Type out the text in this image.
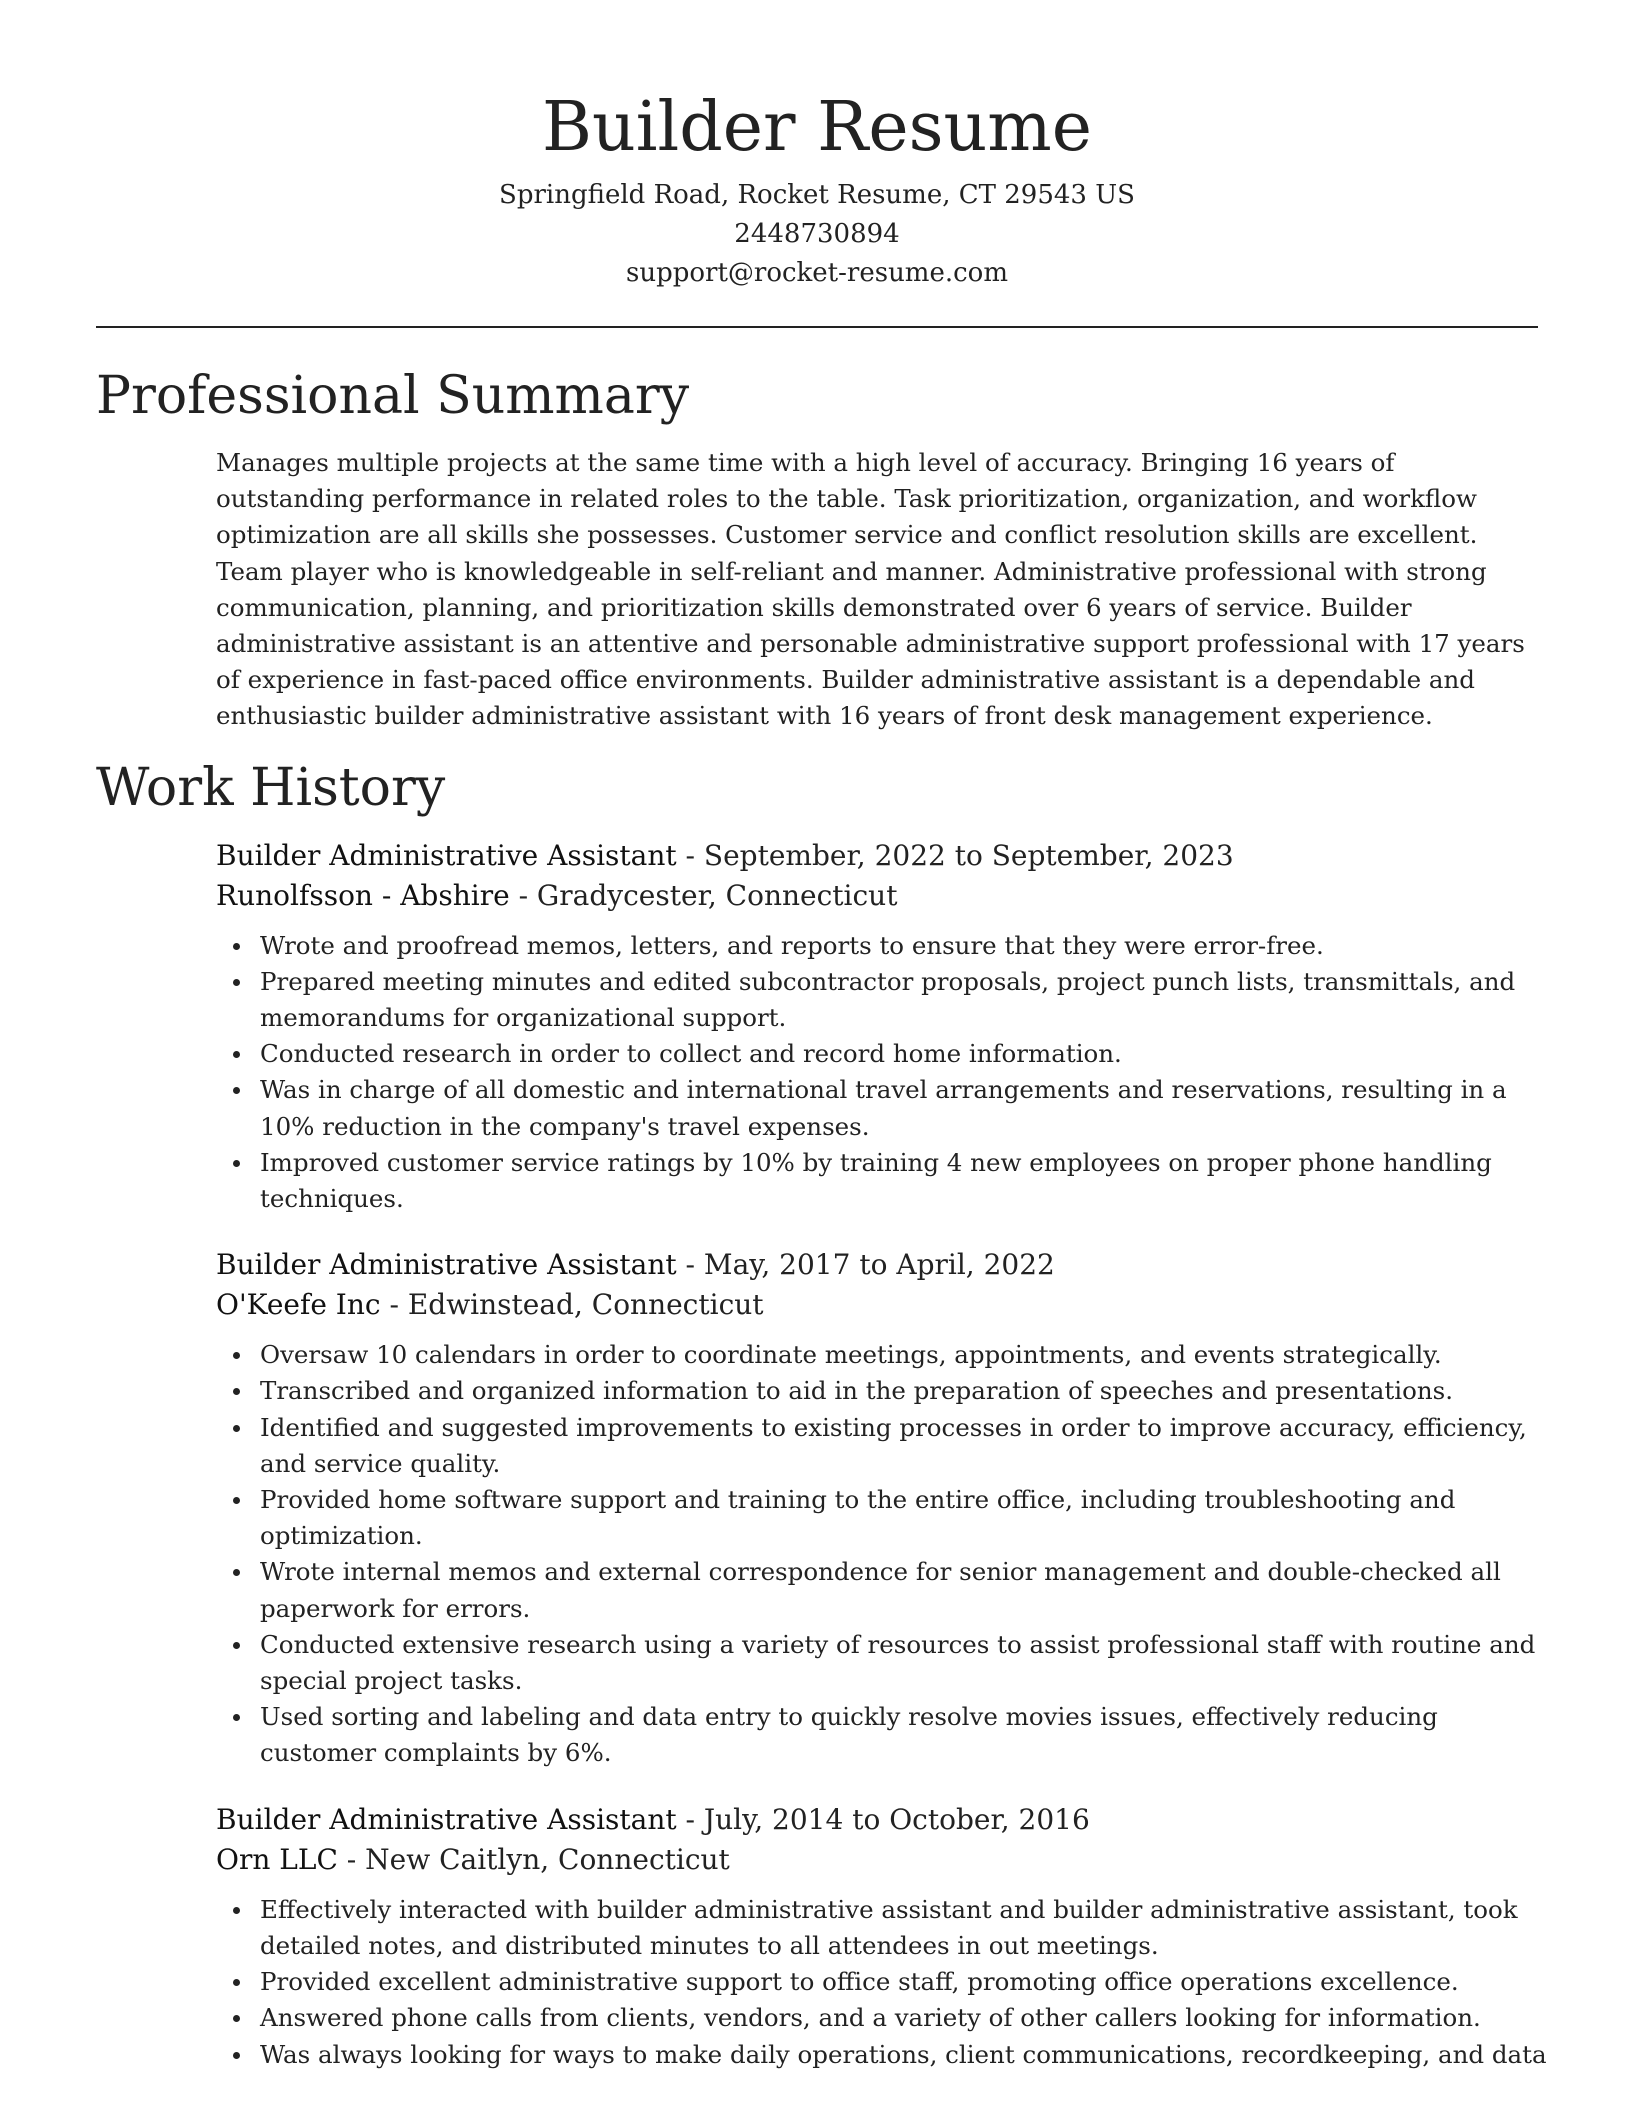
Builder Resume
Springfield Road, Rocket Resume, CT 29543 US
2448730894
support@rocket-resume.com
Professional Summary

Manages multiple projects at the same time with a high level of accuracy. Bringing 16 years of outstanding performance in related roles to the table. Task prioritization, organization, and workflow optimization are all skills she possesses. Customer service and conflict resolution skills are excellent. Team player who is knowledgeable in self-reliant and manner. Administrative professional with strong communication, planning, and prioritization skills demonstrated over 6 years of service. Builder administrative assistant is an attentive and personable administrative support professional with 17 years of experience in fast-paced office environments. Builder administrative assistant is a dependable and enthusiastic builder administrative assistant with 16 years of front desk management experience.

Work History
Builder Administrative Assistant - September, 2022 to September, 2023
Runolfsson - Abshire - Gradycester, Connecticut
Wrote and proofread memos, letters, and reports to ensure that they were error-free.
Prepared meeting minutes and edited subcontractor proposals, project punch lists, transmittals, and memorandums for organizational support.
Conducted research in order to collect and record home information.
Was in charge of all domestic and international travel arrangements and reservations, resulting in a 10% reduction in the company's travel expenses.
Improved customer service ratings by 10% by training 4 new employees on proper phone handling techniques.
Builder Administrative Assistant - May, 2017 to April, 2022
O'Keefe Inc - Edwinstead, Connecticut
Oversaw 10 calendars in order to coordinate meetings, appointments, and events strategically.
Transcribed and organized information to aid in the preparation of speeches and presentations.
Identified and suggested improvements to existing processes in order to improve accuracy, efficiency, and service quality.
Provided home software support and training to the entire office, including troubleshooting and optimization.
Wrote internal memos and external correspondence for senior management and double-checked all paperwork for errors.
Conducted extensive research using a variety of resources to assist professional staff with routine and special project tasks.
Used sorting and labeling and data entry to quickly resolve movies issues, effectively reducing customer complaints by 6%.
Builder Administrative Assistant - July, 2014 to October, 2016
Orn LLC - New Caitlyn, Connecticut
Effectively interacted with builder administrative assistant and builder administrative assistant, took detailed notes, and distributed minutes to all attendees in out meetings.
Provided excellent administrative support to office staff, promoting office operations excellence.
Answered phone calls from clients, vendors, and a variety of other callers looking for information.
Was always looking for ways to make daily operations, client communications, recordkeeping, and data
